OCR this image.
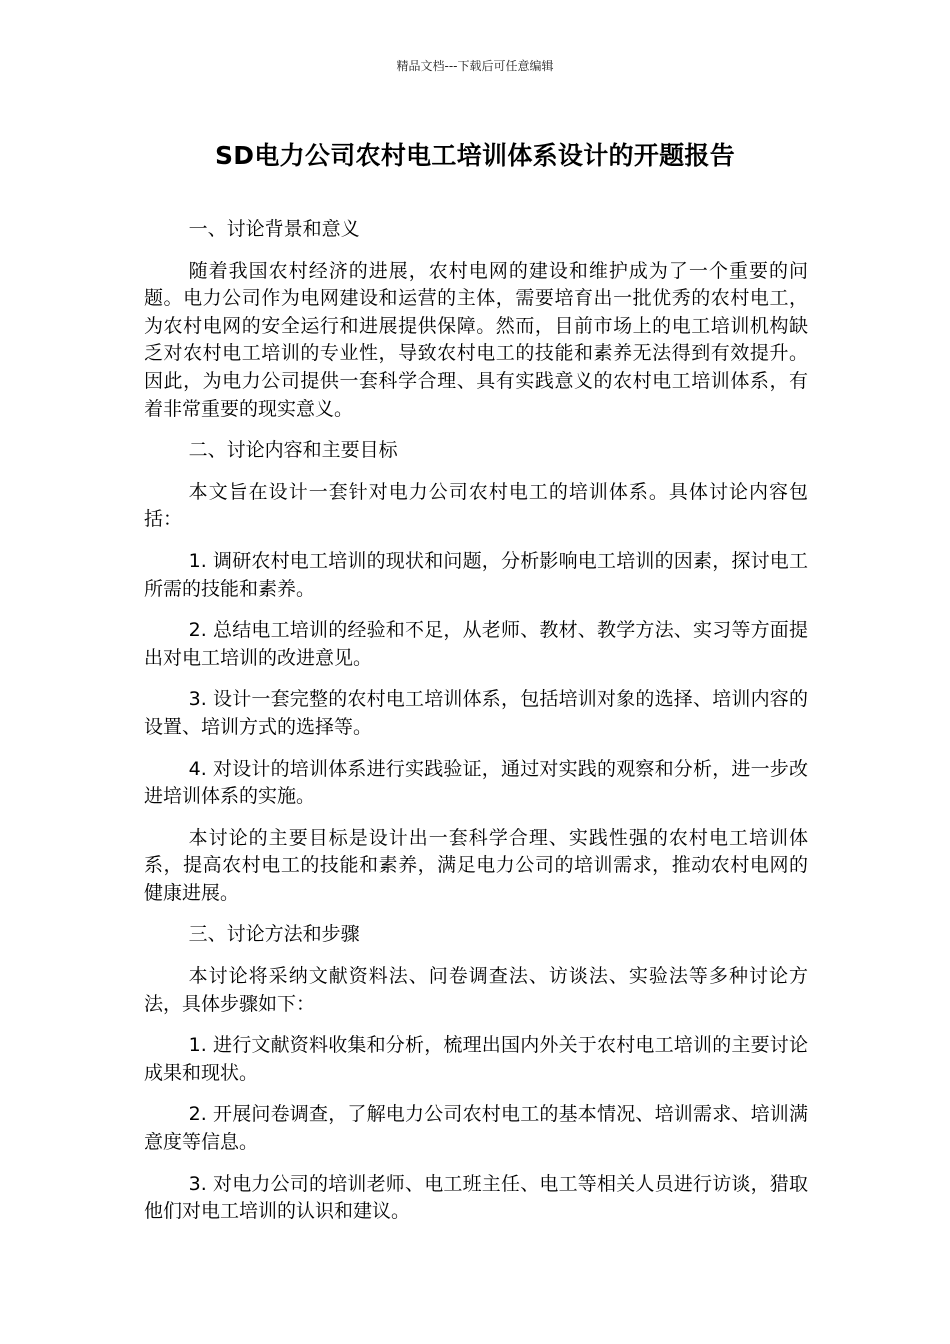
精品文档---下载后可任意编辑
SD电力公司农村电工培训体系设计的开题报告

一、讨论背景和意义

随着我国农村经济的进展，农村电网的建设和维护成为了一个重要的问题。电力公司作为电网建设和运营的主体，需要培育出一批优秀的农村电工，为农村电网的安全运行和进展提供保障。然而，目前市场上的电工培训机构缺乏对农村电工培训的专业性，导致农村电工的技能和素养无法得到有效提升。因此，为电力公司提供一套科学合理、具有实践意义的农村电工培训体系，有着非常重要的现实意义。

二、讨论内容和主要目标

本文旨在设计一套针对电力公司农村电工的培训体系。具体讨论内容包括：

1. 调研农村电工培训的现状和问题，分析影响电工培训的因素，探讨电工所需的技能和素养。

2. 总结电工培训的经验和不足，从老师、教材、教学方法、实习等方面提出对电工培训的改进意见。

3. 设计一套完整的农村电工培训体系，包括培训对象的选择、培训内容的设置、培训方式的选择等。

4. 对设计的培训体系进行实践验证，通过对实践的观察和分析，进一步改进培训体系的实施。

本讨论的主要目标是设计出一套科学合理、实践性强的农村电工培训体系，提高农村电工的技能和素养，满足电力公司的培训需求，推动农村电网的健康进展。

三、讨论方法和步骤

本讨论将采纳文献资料法、问卷调查法、访谈法、实验法等多种讨论方法，具体步骤如下：

1. 进行文献资料收集和分析，梳理出国内外关于农村电工培训的主要讨论成果和现状。

2. 开展问卷调查，了解电力公司农村电工的基本情况、培训需求、培训满意度等信息。

3. 对电力公司的培训老师、电工班主任、电工等相关人员进行访谈，猎取他们对电工培训的认识和建议。
